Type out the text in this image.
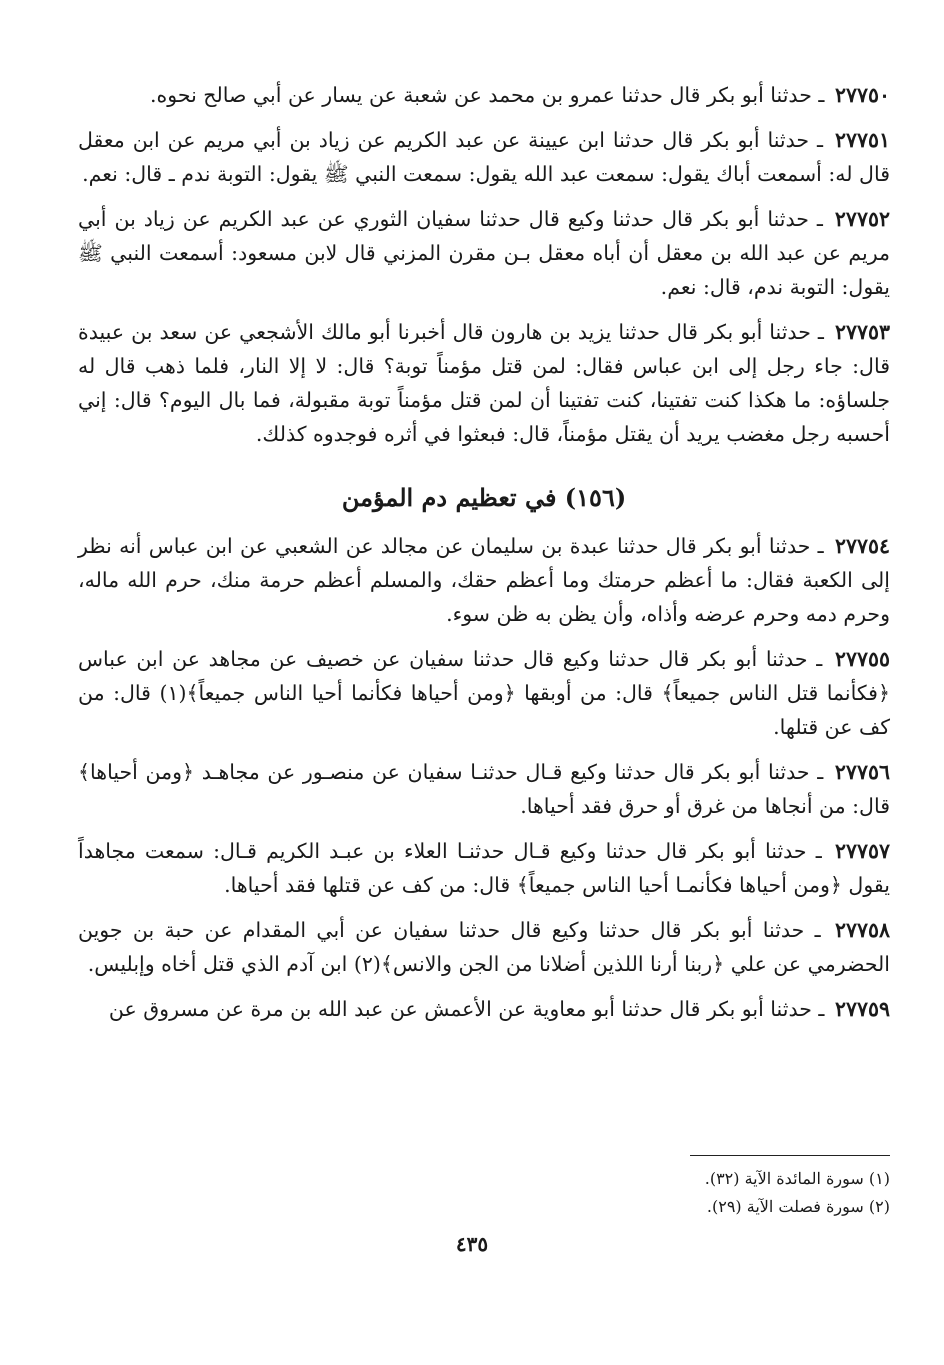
٢٧٧٥٠ ـ حدثنا أبو بكر قال حدثنا عمرو بن محمد عن شعبة عن يسار عن أبي صالح نحوه.

٢٧٧٥١ ـ حدثنا أبو بكر قال حدثنا ابن عيينة عن عبد الكريم عن زياد بن أبي مريم عن ابن معقل قال له: أسمعت أباك يقول: سمعت عبد الله يقول: سمعت النبي ﷺ يقول: التوبة ندم ـ قال: نعم.

٢٧٧٥٢ ـ حدثنا أبو بكر قال حدثنا وكيع قال حدثنا سفيان الثوري عن عبد الكريم عن زياد بن أبي مريم عن عبد الله بن معقل أن أباه معقل بـن مقرن المزني قال لابن مسعود: أسمعت النبي ﷺ يقول: التوبة ندم، قال: نعم.

٢٧٧٥٣ ـ حدثنا أبو بكر قال حدثنا يزيد بن هارون قال أخبرنا أبو مالك الأشجعي عن سعد بن عبيدة قال: جاء رجل إلى ابن عباس فقال: لمن قتل مؤمناً توبة؟ قال: لا إلا النار، فلما ذهب قال له جلساؤه: ما هكذا كنت تفتينا، كنت تفتينا أن لمن قتل مؤمناً توبة مقبولة، فما بال اليوم؟ قال: إني أحسبه رجل مغضب يريد أن يقتل مؤمناً، قال: فبعثوا في أثره فوجدوه كذلك.

(١٥٦) في تعظيم دم المؤمن

٢٧٧٥٤ ـ حدثنا أبو بكر قال حدثنا عبدة بن سليمان عن مجالد عن الشعبي عن ابن عباس أنه نظر إلى الكعبة فقال: ما أعظم حرمتك وما أعظم حقك، والمسلم أعظم حرمة منك، حرم الله ماله، وحرم دمه وحرم عرضه وأذاه، وأن يظن به ظن سوء.

٢٧٧٥٥ ـ حدثنا أبو بكر قال حدثنا وكيع قال حدثنا سفيان عن خصيف عن مجاهد عن ابن عباس ﴿فكأنما قتل الناس جميعاً﴾ قال: من أوبقها ﴿ومن أحياها فكأنما أحيا الناس جميعاً﴾(١) قال: من كف عن قتلها.

٢٧٧٥٦ ـ حدثنا أبو بكر قال حدثنا وكيع قـال حدثنـا سفيان عن منصـور عن مجاهـد ﴿ومن أحياها﴾ قال: من أنجاها من غرق أو حرق فقد أحياها.

٢٧٧٥٧ ـ حدثنا أبو بكر قال حدثنا وكيع قـال حدثنـا العلاء بن عبـد الكريم قـال: سمعت مجاهداً يقول ﴿ومن أحياها فكأنمـا أحيا الناس جميعاً﴾ قال: من كف عن قتلها فقد أحياها.

٢٧٧٥٨ ـ حدثنا أبو بكر قال حدثنا وكيع قال حدثنا سفيان عن أبي المقدام عن حبة بن جوين الحضرمي عن علي ﴿ربنا أرنا اللذين أضلانا من الجن والانس﴾(٢) ابن آدم الذي قتل أخاه وإبليس.

٢٧٧٥٩ ـ حدثنا أبو بكر قال حدثنا أبو معاوية عن الأعمش عن عبد الله بن مرة عن مسروق عن

(١) سورة المائدة الآية (٣٢).
(٢) سورة فصلت الآية (٢٩).
٤٣٥
